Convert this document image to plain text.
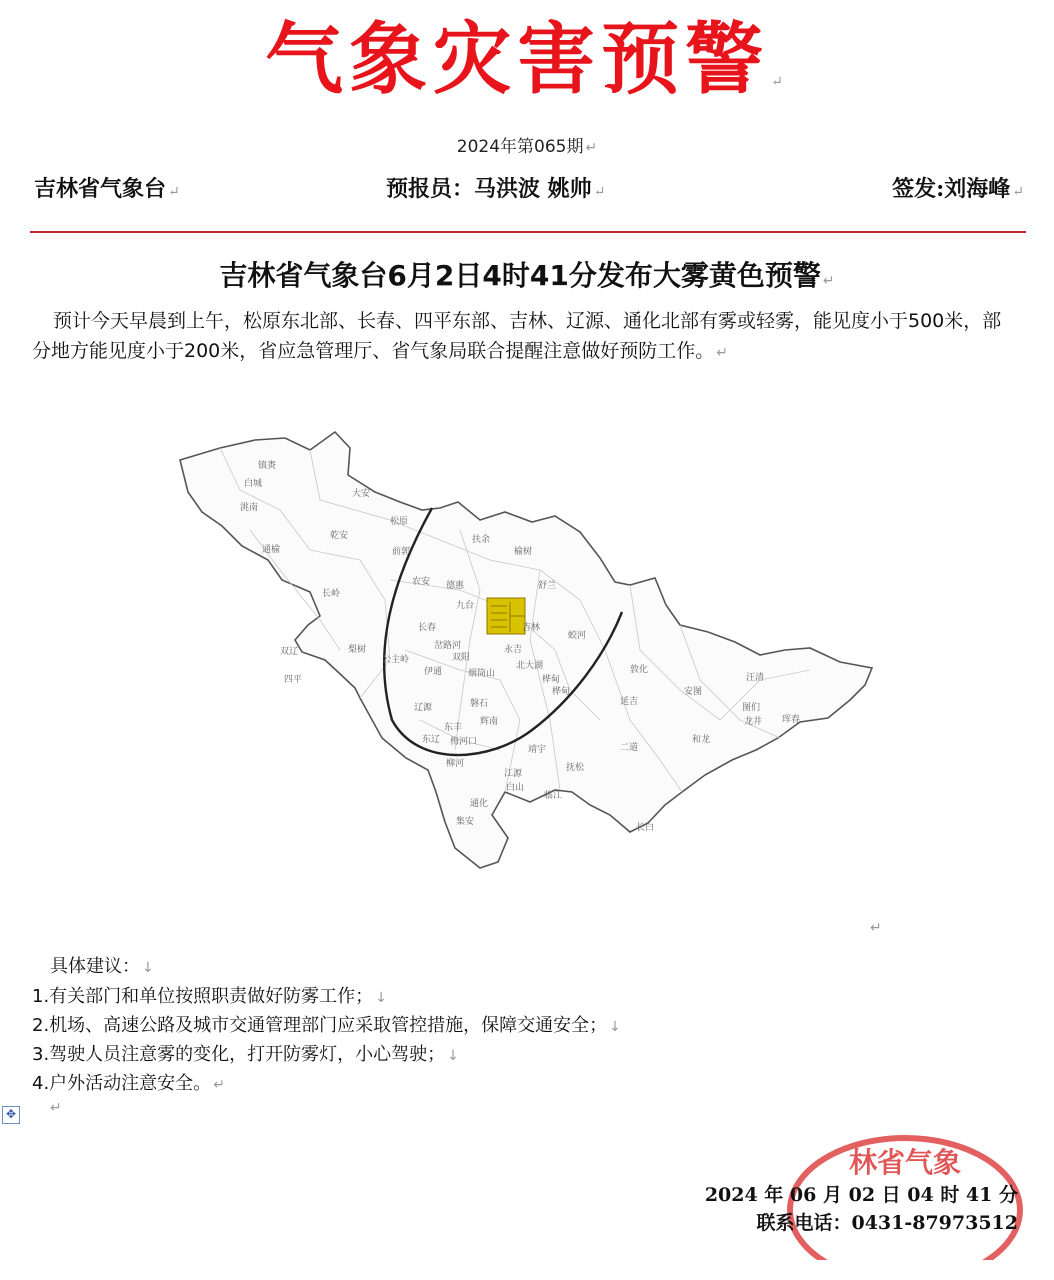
气象灾害预警 ↵
2024年第065期 ↵
吉林省气象台 ↵	预报员：马洪波 姚帅 ↵	签发:刘海峰 ↵
吉林省气象台6月2日4时41分发布大雾黄色预警 ↵
预计今天早晨到上午，松原东北部、长春、四平东部、吉林、辽源、通化北部有雾或轻雾，能见度小于500米，部分地方能见度小于200米，省应急管理厅、省气象局联合提醒注意做好预防工作。 ↵
镇赉
白城
洮南
大安
通榆
乾安
松原
前郭
扶余
榆树
长岭
农安 德惠	舒兰
九台
双辽	梨树
公主岭
长春	吉林
永吉
蛟河
伊通
双阳
桦甸
敦化
安图
汪清
珲春
图们
龙井
和龙
辽源
东丰
东辽 梅河口
柳河
辉南
磐石
靖宇
抚松
白山
江源
临江
通化
集安
长白
二道
延吉
四平
烟筒山
北大湖
桦甸
岔路河
↵
具体建议： ↓
1.有关部门和单位按照职责做好防雾工作； ↓
2.机场、高速公路及城市交通管理部门应采取管控措施，保障交通安全； ↓
3.驾驶人员注意雾的变化，打开防雾灯，小心驾驶； ↓
4.户外活动注意安全。 ↵
✥ ↵
林省气象
2024 年 06 月 02 日 04 时 41 分
联系电话：0431-87973512
